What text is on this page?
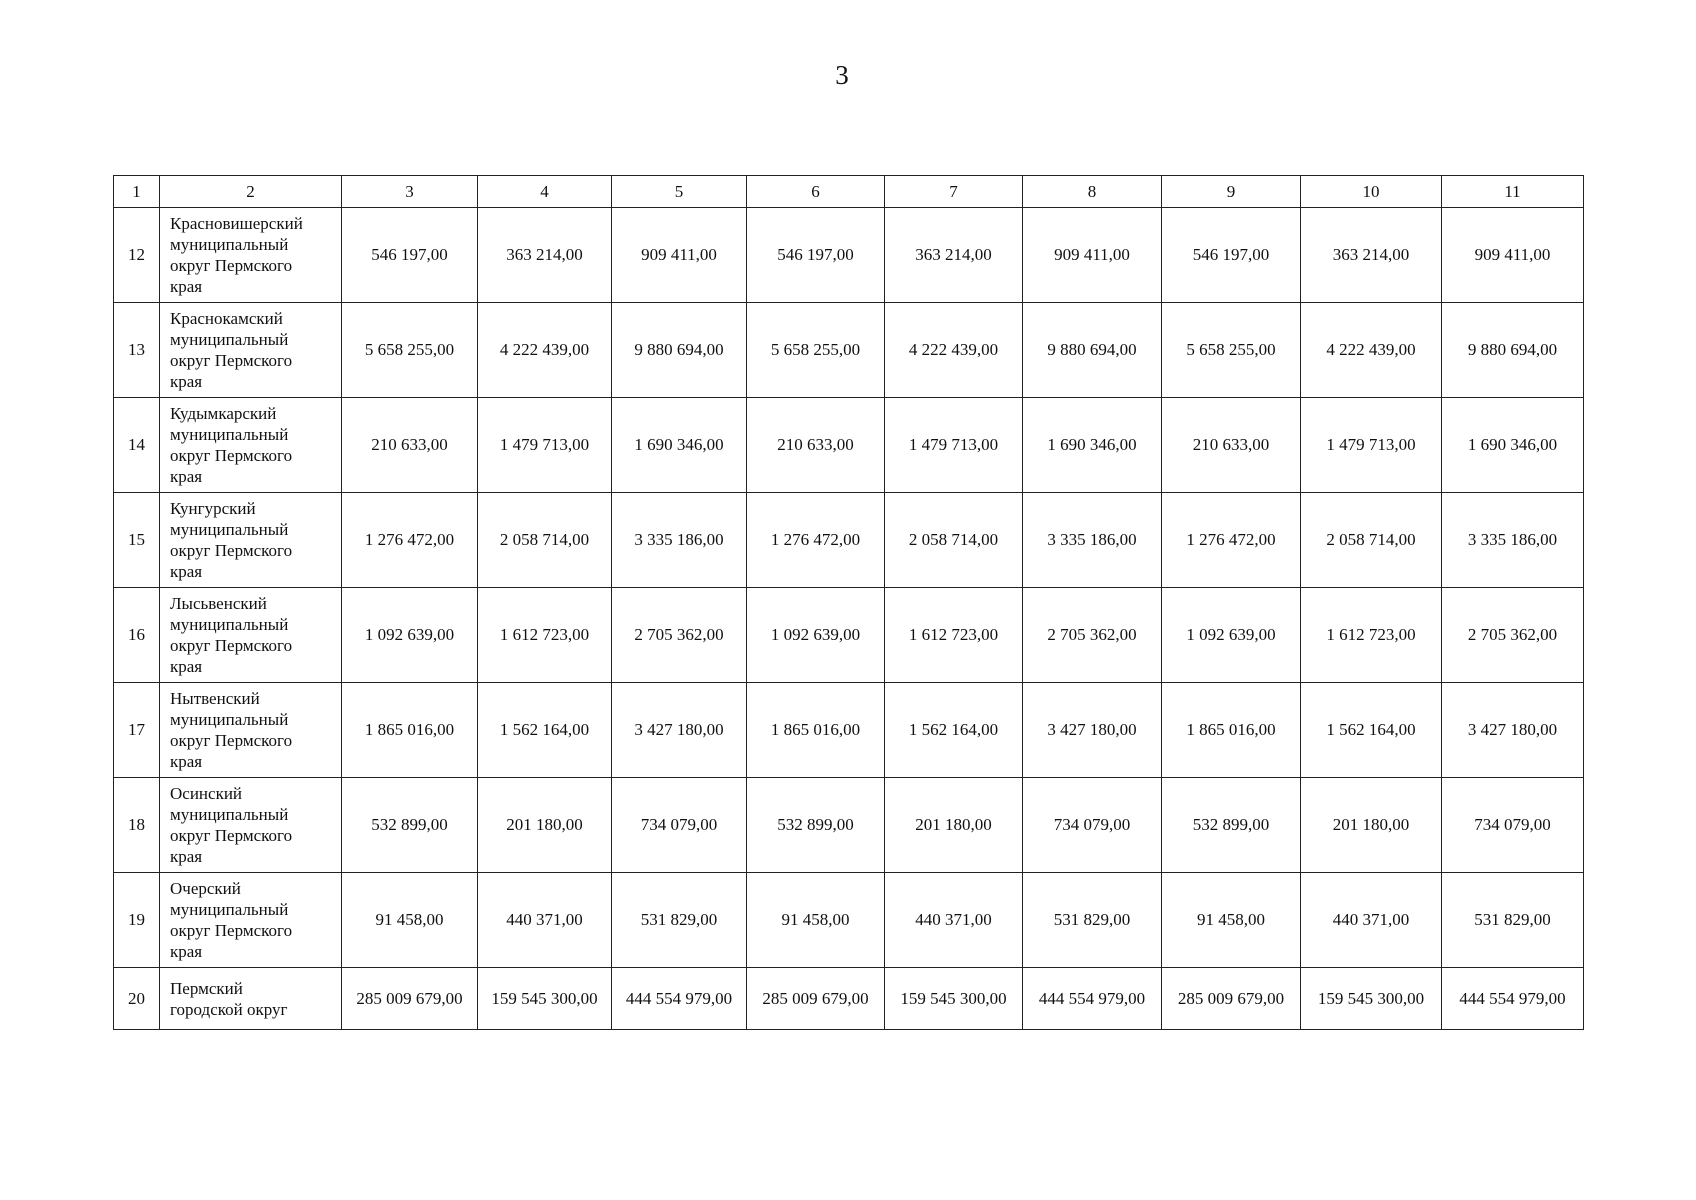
3
1	2	3	4	5	6	7	8	9	10	11
12	Красновишерский
муниципальный
округ Пермского
края	546 197,00	363 214,00	909 411,00	546 197,00	363 214,00	909 411,00	546 197,00	363 214,00	909 411,00
13	Краснокамский
муниципальный
округ Пермского
края	5 658 255,00	4 222 439,00	9 880 694,00	5 658 255,00	4 222 439,00	9 880 694,00	5 658 255,00	4 222 439,00	9 880 694,00
14	Кудымкарский
муниципальный
округ Пермского
края	210 633,00	1 479 713,00	1 690 346,00	210 633,00	1 479 713,00	1 690 346,00	210 633,00	1 479 713,00	1 690 346,00
15	Кунгурский
муниципальный
округ Пермского
края	1 276 472,00	2 058 714,00	3 335 186,00	1 276 472,00	2 058 714,00	3 335 186,00	1 276 472,00	2 058 714,00	3 335 186,00
16	Лысьвенский
муниципальный
округ Пермского
края	1 092 639,00	1 612 723,00	2 705 362,00	1 092 639,00	1 612 723,00	2 705 362,00	1 092 639,00	1 612 723,00	2 705 362,00
17	Нытвенский
муниципальный
округ Пермского
края	1 865 016,00	1 562 164,00	3 427 180,00	1 865 016,00	1 562 164,00	3 427 180,00	1 865 016,00	1 562 164,00	3 427 180,00
18	Осинский
муниципальный
округ Пермского
края	532 899,00	201 180,00	734 079,00	532 899,00	201 180,00	734 079,00	532 899,00	201 180,00	734 079,00
19	Очерский
муниципальный
округ Пермского
края	91 458,00	440 371,00	531 829,00	91 458,00	440 371,00	531 829,00	91 458,00	440 371,00	531 829,00
20	Пермский
городской округ	285 009 679,00	159 545 300,00	444 554 979,00	285 009 679,00	159 545 300,00	444 554 979,00	285 009 679,00	159 545 300,00	444 554 979,00
